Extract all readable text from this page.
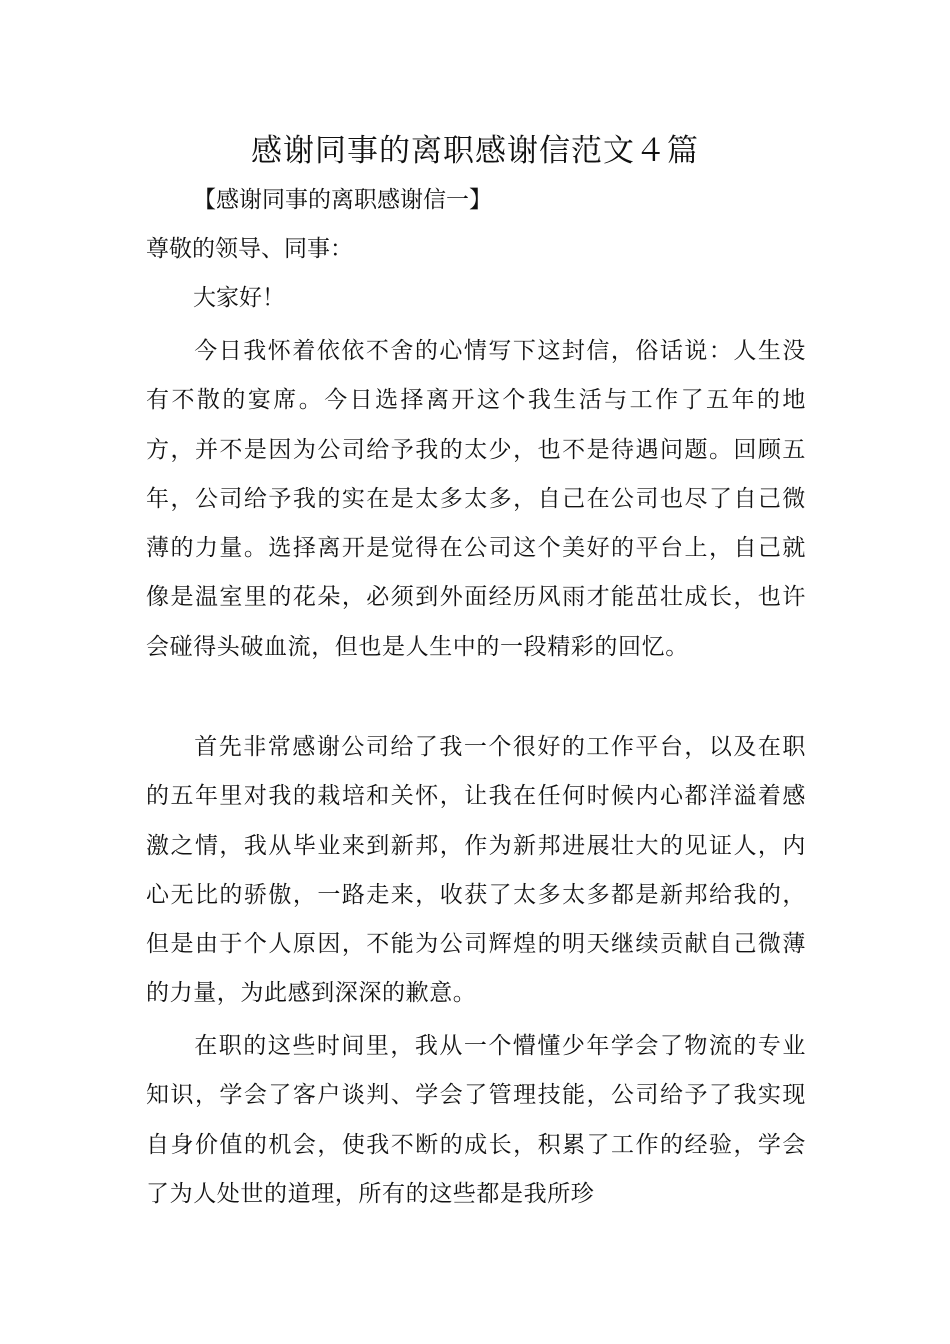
感谢同事的离职感谢信范文４篇

【感谢同事的离职感谢信一】

尊敬的领导、同事：

大家好！

今日我怀着依依不舍的心情写下这封信，俗话说：人生没有不散的宴席。今日选择离开这个我生活与工作了五年的地方，并不是因为公司给予我的太少，也不是待遇问题。回顾五年，公司给予我的实在是太多太多，自己在公司也尽了自己微薄的力量。选择离开是觉得在公司这个美好的平台上，自己就像是温室里的花朵，必须到外面经历风雨才能茁壮成长，也许会碰得头破血流，但也是人生中的一段精彩的回忆。

首先非常感谢公司给了我一个很好的工作平台，以及在职的五年里对我的栽培和关怀，让我在任何时候内心都洋溢着感激之情，我从毕业来到新邦，作为新邦进展壮大的见证人，内心无比的骄傲，一路走来，收获了太多太多都是新邦给我的，但是由于个人原因，不能为公司辉煌的明天继续贡献自己微薄的力量，为此感到深深的歉意。

在职的这些时间里，我从一个懵懂少年学会了物流的专业知识，学会了客户谈判、学会了管理技能，公司给予了我实现自身价值的机会，使我不断的成长，积累了工作的经验，学会了为人处世的道理，所有的这些都是我所珍
